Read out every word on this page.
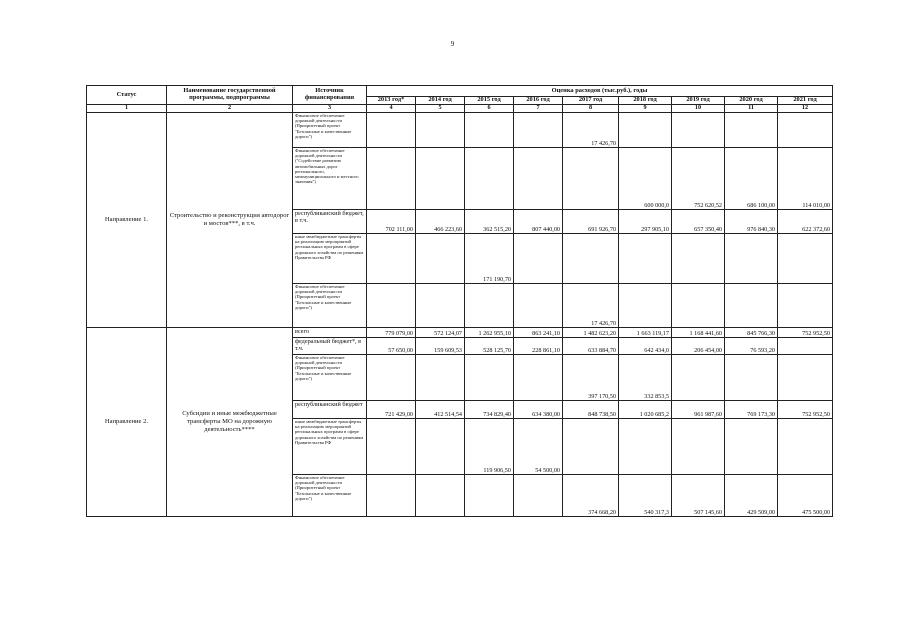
9
Статус	Наименование государственной программы, подпрограммы	Источник финансирования	Оценка расходов (тыс.руб.), годы								
			2013 год*	2014 год	2015 год	2016 год	2017 год	2018 год	2019 год	2020 год	2021 год
1	2	3	4	5	6	7	8	9	10	11	12
Направление 1.	Строительство и реконструкция автодорог и мостов***, в т.ч.	Финансовое обеспечение дорожной деятельности (Приоритетный проект "Безопасные и качественные дороги")					17 426,70				
		Финансовое обеспечение дорожной деятельности ("Содействие развитию автомобильных дорог регионального, межмуниципального и местного значения")						600 000,0	752 620,52	686 100,00	114 010,00
		республиканский бюджет, в т.ч.	702 111,00	466 223,60	362 515,20	807 440,00	691 926,70	297 905,10	657 350,40	976 840,30	622 372,60
		иные межбюджетные трансферты на реализацию мероприятий региональных программ в сфере дорожного хозяйства по решениям Правительства РФ			171 190,70						
		Финансовое обеспечение дорожной деятельности (Приоритетный проект "Безопасные и качественные дороги")					17 426,70				
Направление 2.	Субсидии и иные межбюджетные трансферты МО на дорожную деятельность****	всего	779 079,00	572 124,07	1 262 955,10	863 241,10	1 482 623,20	1 663 119,17	1 168 441,60	845 766,30	752 952,50
		федеральный бюджет*, в т.ч.	57 650,00	159 609,53	528 125,70	228 861,10	633 884,70	642 434,0	206 454,00	76 593,20	
		Финансовое обеспечение дорожной деятельности (Приоритетный проект "Безопасные и качественные дороги")					397 170,50	332 853,5			
		республиканский бюджет	721 429,00	412 514,54	734 829,40	634 380,00	848 738,50	1 020 685,2	961 987,60	769 173,30	752 952,50
		иные межбюджетные трансферты на реализацию мероприятий региональных программ в сфере дорожного хозяйства по решениям Правительства РФ			119 906,50	54 500,00					
		Финансовое обеспечение дорожной деятельности (Приоритетный проект "Безопасные и качественные дороги")					374 668,20	540 317,3	507 145,60	429 509,00	475 500,00
